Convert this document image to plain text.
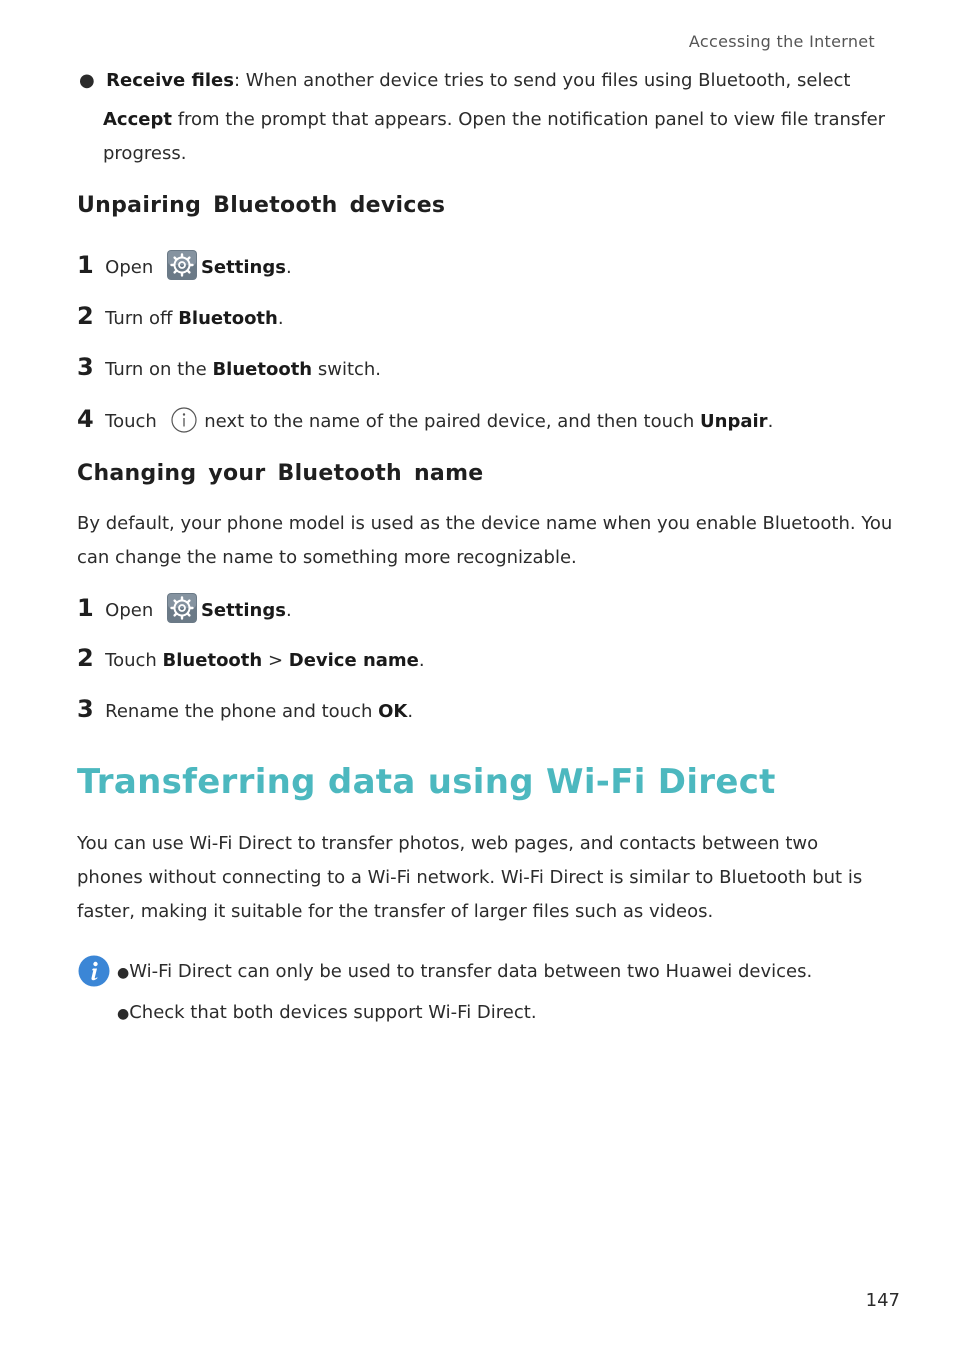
Accessing the Internet
● Receive files: When another device tries to send you files using Bluetooth, select
Accept from the prompt that appears. Open the notification panel to view file transfer
progress.
Unpairing Bluetooth devices
1 Open Settings.
2 Turn off Bluetooth.
3 Turn on the Bluetooth switch.
4 Touch  next to the name of the paired device, and then touch Unpair.
Changing your Bluetooth name
By default, your phone model is used as the device name when you enable Bluetooth. You
can change the name to something more recognizable.
1 Open Settings.
2 Touch Bluetooth > Device name.
3 Rename the phone and touch OK.
Transferring data using Wi-Fi Direct
You can use Wi-Fi Direct to transfer photos, web pages, and contacts between two
phones without connecting to a Wi-Fi network. Wi-Fi Direct is similar to Bluetooth but is
faster, making it suitable for the transfer of larger files such as videos.
●Wi-Fi Direct can only be used to transfer data between two Huawei devices.
●Check that both devices support Wi-Fi Direct.
147
